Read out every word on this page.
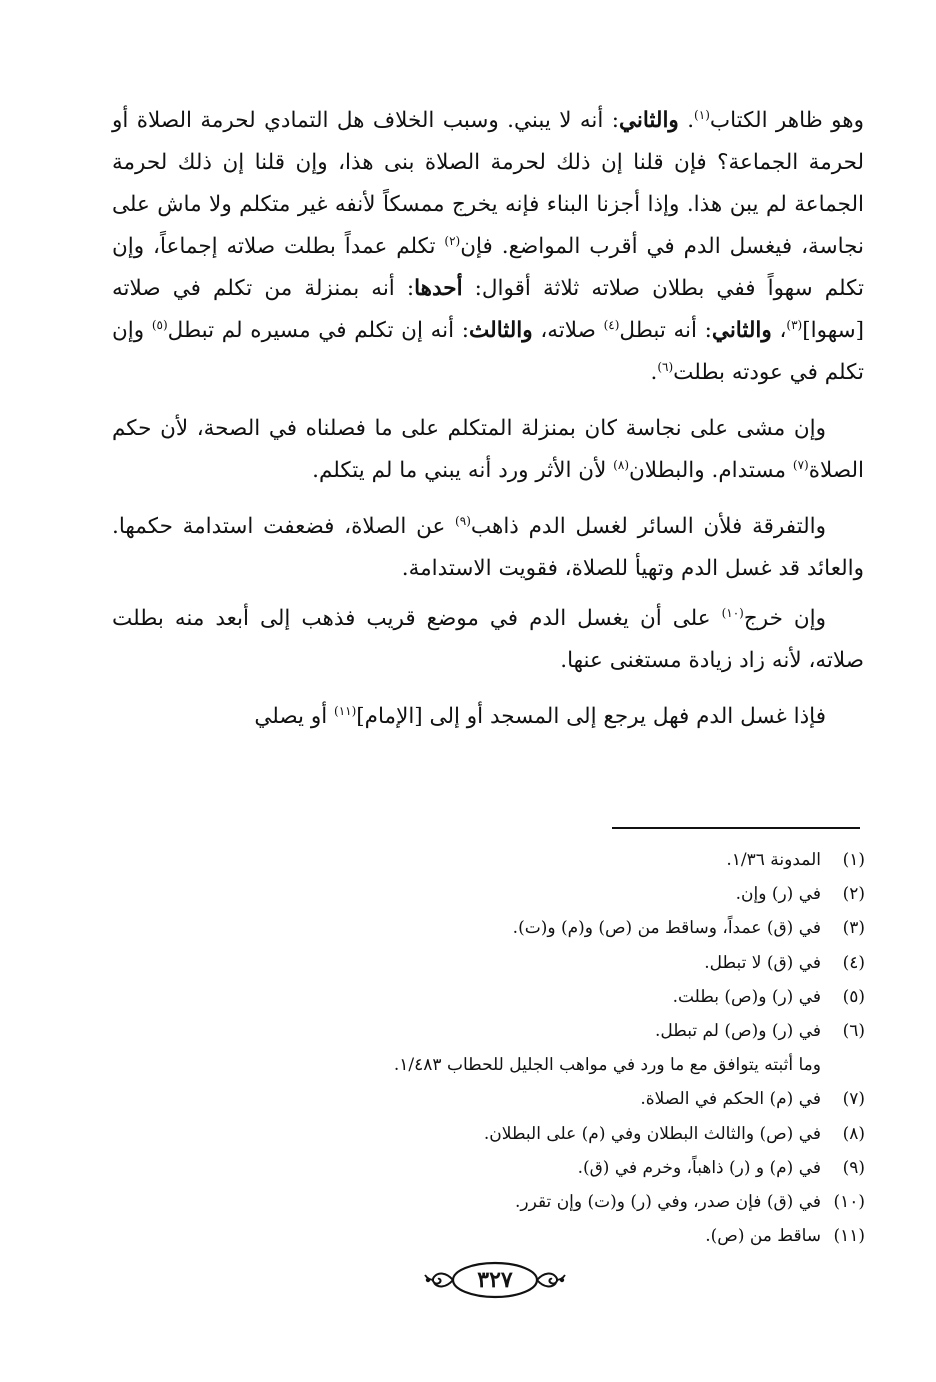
وهو ظاهر الكتاب$^{(١)}$. والثاني: أنه لا يبني. وسبب الخلاف هل التمادي لحرمة الصلاة أو لحرمة الجماعة؟ فإن قلنا إن ذلك لحرمة الصلاة بنى هذا، وإن قلنا إن ذلك لحرمة الجماعة لم يبن هذا. وإذا أجزنا البناء فإنه يخرج ممسكاً لأنفه غير متكلم ولا ماش على نجاسة، فيغسل الدم في أقرب المواضع. فإن$^{(٢)}$ تكلم عمداً بطلت صلاته إجماعاً، وإن تكلم سهواً ففي بطلان صلاته ثلاثة أقوال: أحدها: أنه بمنزلة من تكلم في صلاته [سهوا]$^{(٣)}$، والثاني: أنه تبطل$^{(٤)}$ صلاته، والثالث: أنه إن تكلم في مسيره لم تبطل$^{(٥)}$ وإن تكلم في عودته بطلت$^{(٦)}$.

وإن مشى على نجاسة كان بمنزلة المتكلم على ما فصلناه في الصحة، لأن حكم الصلاة$^{(٧)}$ مستدام. والبطلان$^{(٨)}$ لأن الأثر ورد أنه يبني ما لم يتكلم.

والتفرقة فلأن السائر لغسل الدم ذاهب$^{(٩)}$ عن الصلاة، فضعفت استدامة حكمها. والعائد قد غسل الدم وتهيأ للصلاة، فقويت الاستدامة.

وإن خرج$^{(١٠)}$ على أن يغسل الدم في موضع قريب فذهب إلى أبعد منه بطلت صلاته، لأنه زاد زيادة مستغنى عنها.

فإذا غسل الدم فهل يرجع إلى المسجد أو إلى [الإمام]$^{(١١)}$ أو يصلي

(١)المدونة ١/٣٦.
(٢)في (ر) وإن.
(٣)في (ق) عمداً، وساقط من (ص) و(م) و(ت).
(٤)في (ق) لا تبطل.
(٥)في (ر) و(ص) بطلت.
(٦)في (ر) و(ص) لم تبطل.
وما أثبته يتوافق مع ما ورد في مواهب الجليل للحطاب ١/٤٨٣.
(٧)في (م) الحكم في الصلاة.
(٨)في (ص) والثالث البطلان وفي (م) على البطلان.
(٩)في (م) و (ر) ذاهباً، وخرم في (ق).
(١٠)في (ق) فإن صدر، وفي (ر) و(ت) وإن تقرر.
(١١)ساقط من (ص).
٣٢٧
